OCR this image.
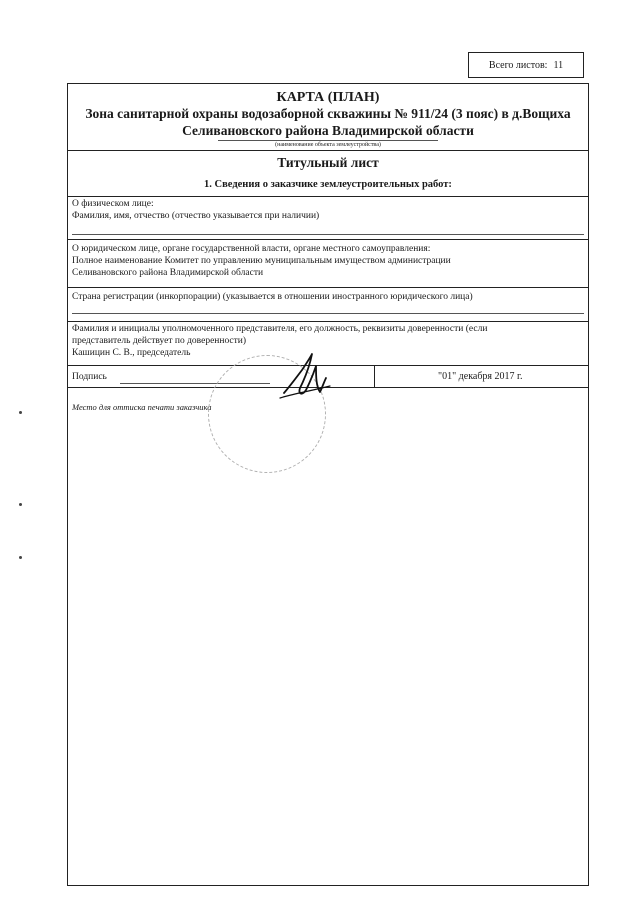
Всего листов: 11
КАРТА (ПЛАН)
Зона санитарной охраны водозаборной скважины № 911/24 (3 пояс) в д.Вощиха
Селивановского района Владимирской области
(наименование объекта землеустройства)
Титульный лист
1. Сведения о заказчике землеустроительных работ:
О физическом лице:
Фамилия, имя, отчество (отчество указывается при наличии)
О юридическом лице, органе государственной власти, органе местного самоуправления:
Полное наименование Комитет по управлению муниципальным имуществом администрации
Селивановского района Владимирской области
Страна регистрации (инкорпорации) (указывается в отношении иностранного юридического лица)
Фамилия и инициалы уполномоченного представителя, его должность, реквизиты доверенности (если
представитель действует по доверенности)
Кашицин С. В., председатель
Подпись	"01" декабря 2017 г.
Место для оттиска печати заказчика
